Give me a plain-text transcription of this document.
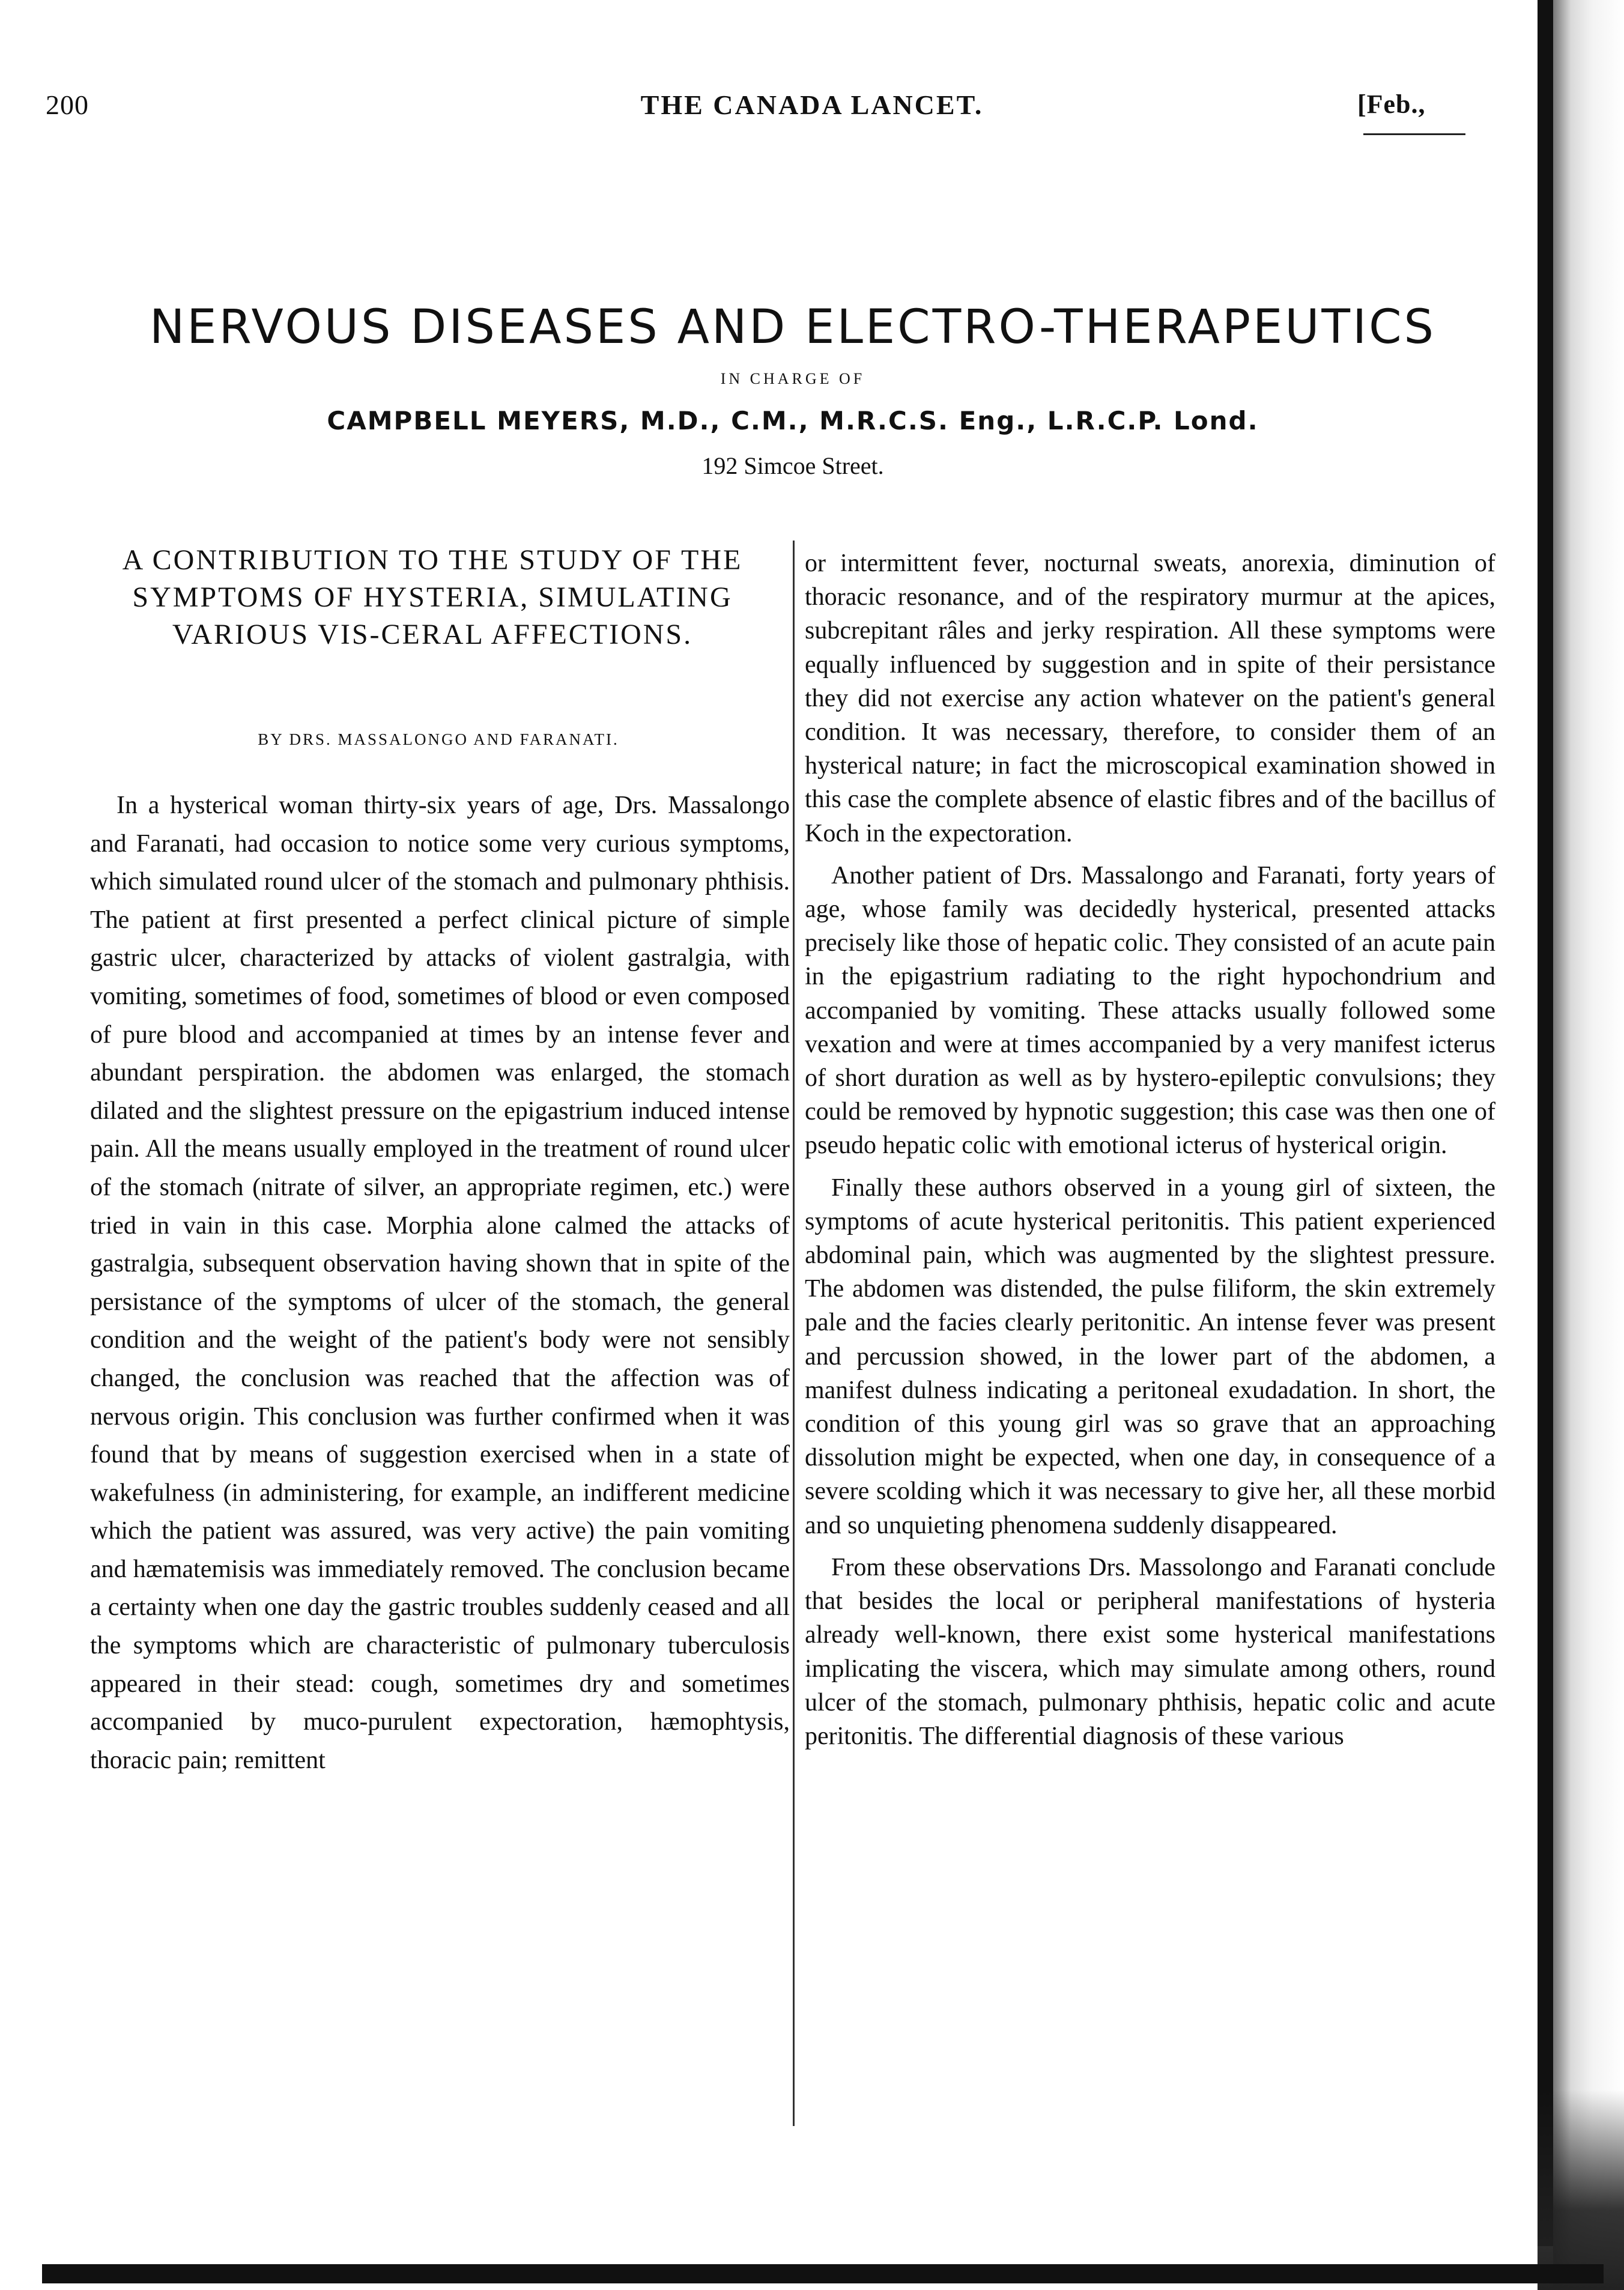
200	THE CANADA LANCET.	[Feb.,
NERVOUS DISEASES AND ELECTRO-THERAPEUTICS
IN CHARGE OF
CAMPBELL MEYERS, M.D., C.M., M.R.C.S. Eng., L.R.C.P. Lond.
192 Simcoe Street.
A CONTRIBUTION TO THE STUDY OF THE SYMPTOMS OF HYSTERIA, SIMULATING VARIOUS VIS-CERAL AFFECTIONS.
BY DRS. MASSALONGO AND FARANATI.

In a hysterical woman thirty-six years of age, Drs. Massalongo and Faranati, had occasion to notice some very curious symptoms, which simulated round ulcer of the stomach and pulmonary phthisis. The patient at first presented a perfect clinical picture of simple gastric ulcer, characterized by attacks of violent gastralgia, with vomiting, sometimes of food, sometimes of blood or even composed of pure blood and accompanied at times by an intense fever and abundant perspiration. the abdomen was enlarged, the stomach dilated and the slightest pressure on the epigastrium induced intense pain. All the means usually employed in the treatment of round ulcer of the stomach (nitrate of silver, an appropriate regimen, etc.) were tried in vain in this case. Morphia alone calmed the attacks of gastralgia, subsequent observation having shown that in spite of the persistance of the symptoms of ulcer of the stomach, the general condition and the weight of the patient's body were not sensibly changed, the conclusion was reached that the affection was of nervous origin. This conclusion was further confirmed when it was found that by means of suggestion exercised when in a state of wakefulness (in administering, for example, an indifferent medicine which the patient was assured, was very active) the pain vomiting and hæmatemisis was immediately removed. The conclusion became a certainty when one day the gastric troubles suddenly ceased and all the symptoms which are characteristic of pulmonary tuberculosis appeared in their stead: cough, sometimes dry and sometimes accompanied by muco-purulent expectoration, hæmophtysis, thoracic pain; remittent

or intermittent fever, nocturnal sweats, anorexia, diminution of thoracic resonance, and of the respiratory murmur at the apices, subcrepitant râles and jerky respiration. All these symptoms were equally influenced by suggestion and in spite of their persistance they did not exercise any action whatever on the patient's general condition. It was necessary, therefore, to consider them of an hysterical nature; in fact the microscopical examination showed in this case the complete absence of elastic fibres and of the bacillus of Koch in the expectoration.

Another patient of Drs. Massalongo and Faranati, forty years of age, whose family was decidedly hysterical, presented attacks precisely like those of hepatic colic. They consisted of an acute pain in the epigastrium radiating to the right hypochondrium and accompanied by vomiting. These attacks usually followed some vexation and were at times accompanied by a very manifest icterus of short duration as well as by hystero-epileptic convulsions; they could be removed by hypnotic suggestion; this case was then one of pseudo hepatic colic with emotional icterus of hysterical origin.

Finally these authors observed in a young girl of sixteen, the symptoms of acute hysterical peritonitis. This patient experienced abdominal pain, which was augmented by the slightest pressure. The abdomen was distended, the pulse filiform, the skin extremely pale and the facies clearly peritonitic. An intense fever was present and percussion showed, in the lower part of the abdomen, a manifest dulness indicating a peritoneal exudadation. In short, the condition of this young girl was so grave that an approaching dissolution might be expected, when one day, in consequence of a severe scolding which it was necessary to give her, all these morbid and so unquieting phenomena suddenly disappeared.

From these observations Drs. Massolongo and Faranati conclude that besides the local or peripheral manifestations of hysteria already well-known, there exist some hysterical manifestations implicating the viscera, which may simulate among others, round ulcer of the stomach, pulmonary phthisis, hepatic colic and acute peritonitis. The differential diagnosis of these various
